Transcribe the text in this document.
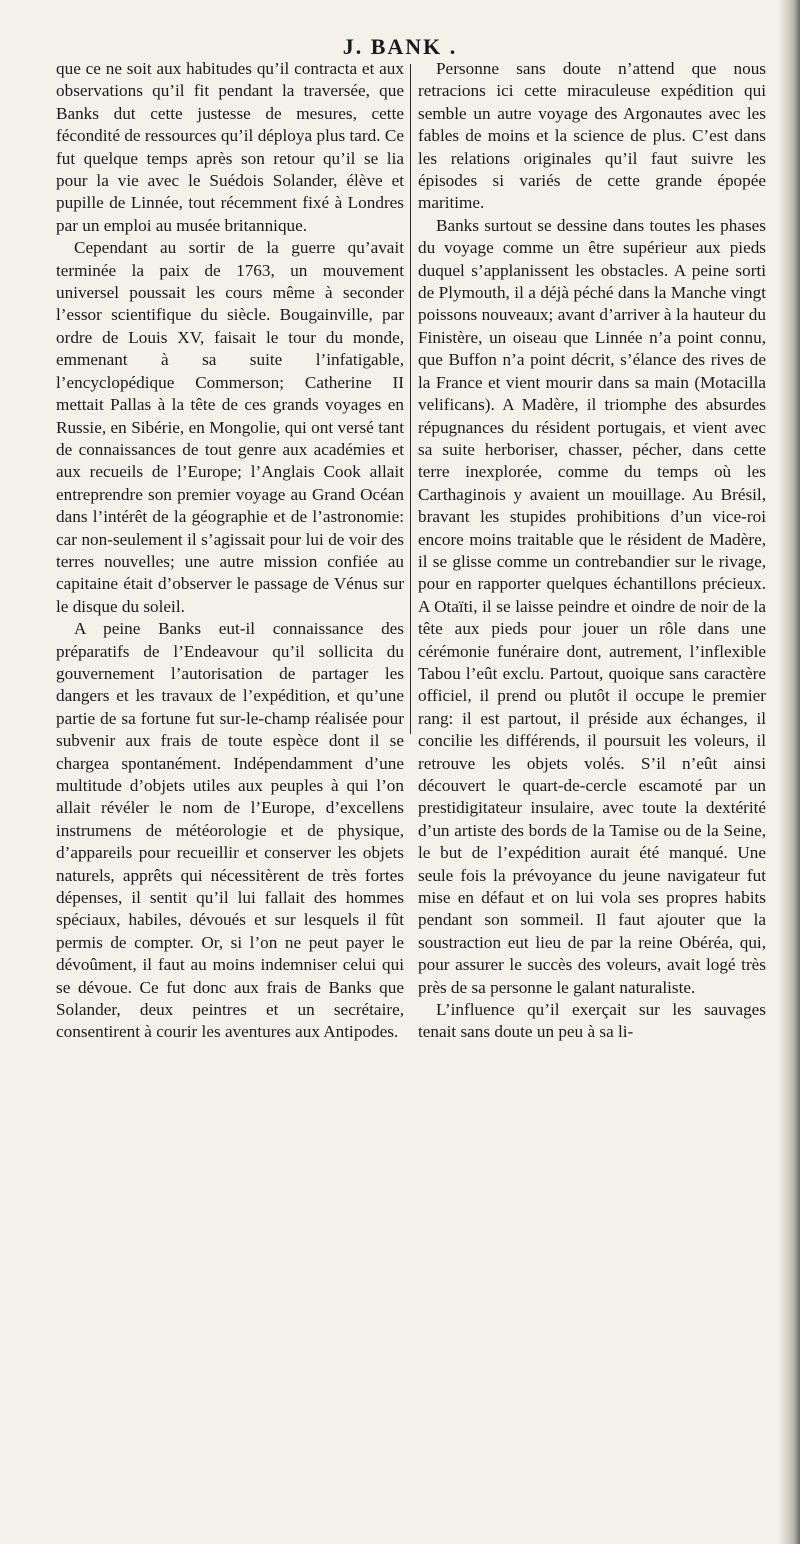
J. BANK .

que ce ne soit aux habitudes qu’il contracta et aux observations qu’il fit pendant la traversée, que Banks dut cette justesse de mesures, cette fécondité de ressources qu’il déploya plus tard. Ce fut quelque temps après son retour qu’il se lia pour la vie avec le Suédois Solander, élève et pupille de Linnée, tout récemment fixé à Londres par un emploi au musée britannique.

Cependant au sortir de la guerre qu’avait terminée la paix de 1763, un mouvement universel poussait les cours même à seconder l’essor scientifique du siècle. Bougainville, par ordre de Louis XV, faisait le tour du monde, emmenant à sa suite l’infatigable, l’encyclopédique Commerson; Catherine II mettait Pallas à la tête de ces grands voyages en Russie, en Sibérie, en Mongolie, qui ont versé tant de connaissances de tout genre aux académies et aux recueils de l’Europe; l’Anglais Cook allait entreprendre son premier voyage au Grand Océan dans l’intérêt de la géographie et de l’astronomie: car non-seulement il s’agissait pour lui de voir des terres nouvelles; une autre mission confiée au capitaine était d’observer le passage de Vénus sur le disque du soleil.

A peine Banks eut-il connaissance des préparatifs de l’Endeavour qu’il sollicita du gouvernement l’autorisation de partager les dangers et les travaux de l’expédition, et qu’une partie de sa fortune fut sur-le-champ réalisée pour subvenir aux frais de toute espèce dont il se chargea spontanément. Indépendamment d’une multitude d’objets utiles aux peuples à qui l’on allait révéler le nom de l’Europe, d’excellens instrumens de météorologie et de physique, d’appareils pour recueillir et conserver les objets naturels, apprêts qui nécessitèrent de très fortes dépenses, il sentit qu’il lui fallait des hommes spéciaux, habiles, dévoués et sur lesquels il fût permis de compter. Or, si l’on ne peut payer le dévoûment, il faut au moins indemniser celui qui se dévoue. Ce fut donc aux frais de Banks que Solander, deux peintres et un secrétaire, consentirent à courir les aventures aux Antipodes.

Personne sans doute n’attend que nous retracions ici cette miraculeuse expédition qui semble un autre voyage des Argonautes avec les fables de moins et la science de plus. C’est dans les relations originales qu’il faut suivre les épisodes si variés de cette grande épopée maritime.

Banks surtout se dessine dans toutes les phases du voyage comme un être supérieur aux pieds duquel s’applanissent les obstacles. A peine sorti de Plymouth, il a déjà péché dans la Manche vingt poissons nouveaux; avant d’arriver à la hauteur du Finistère, un oiseau que Linnée n’a point connu, que Buffon n’a point décrit, s’élance des rives de la France et vient mourir dans sa main (Motacilla velificans). A Madère, il triomphe des absurdes répugnances du résident portugais, et vient avec sa suite herboriser, chasser, pécher, dans cette terre inexplorée, comme du temps où les Carthaginois y avaient un mouillage. Au Brésil, bravant les stupides prohibitions d’un vice-roi encore moins traitable que le résident de Madère, il se glisse comme un contrebandier sur le rivage, pour en rapporter quelques échantillons précieux. A Otaïti, il se laisse peindre et oindre de noir de la tête aux pieds pour jouer un rôle dans une cérémonie funéraire dont, autrement, l’inflexible Tabou l’eût exclu. Partout, quoique sans caractère officiel, il prend ou plutôt il occupe le premier rang: il est partout, il préside aux échanges, il concilie les différends, il poursuit les voleurs, il retrouve les objets volés. S’il n’eût ainsi découvert le quart-de-cercle escamoté par un prestidigitateur insulaire, avec toute la dextérité d’un artiste des bords de la Tamise ou de la Seine, le but de l’expédition aurait été manqué. Une seule fois la prévoyance du jeune navigateur fut mise en défaut et on lui vola ses propres habits pendant son sommeil. Il faut ajouter que la soustraction eut lieu de par la reine Obéréa, qui, pour assurer le succès des voleurs, avait logé très près de sa personne le galant naturaliste.

L’influence qu’il exerçait sur les sauvages tenait sans doute un peu à sa li-
